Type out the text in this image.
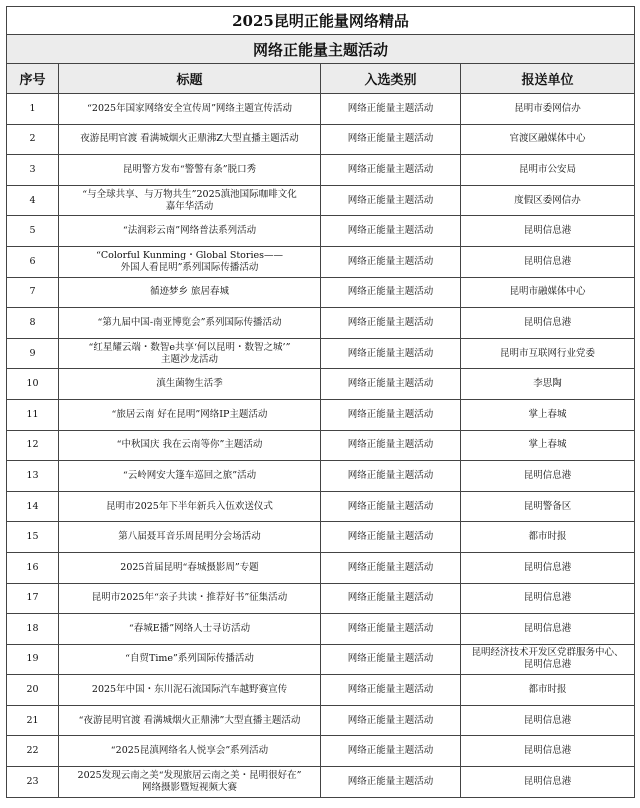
2025昆明正能量网络精品			
网络正能量主题活动			
序号	标题	入选类别	报送单位
1	“2025年国家网络安全宣传周”网络主题宣传活动	网络正能量主题活动	昆明市委网信办
2	夜游昆明官渡 看满城烟火正鼎沸Z大型直播主题活动	网络正能量主题活动	官渡区融媒体中心
3	昆明警方发布“警警有条”脱口秀	网络正能量主题活动	昆明市公安局
4	“与全球共享、与万物共生”2025滇池国际咖啡文化
嘉年华活动	网络正能量主题活动	度假区委网信办
5	“法润彩云南”网络普法系列活动	网络正能量主题活动	昆明信息港
6	“Colorful Kunming・Global Stories——
外国人看昆明”系列国际传播活动	网络正能量主题活动	昆明信息港
7	循迹梦乡 旅居春城	网络正能量主题活动	昆明市融媒体中心
8	“第九届中国-南亚博览会”系列国际传播活动	网络正能量主题活动	昆明信息港
9	“红星耀云端・数智e共享‘何以昆明・数智之城’”
主题沙龙活动	网络正能量主题活动	昆明市互联网行业党委
10	滇生菌物生活季	网络正能量主题活动	李思陶
11	“旅居云南 好在昆明”网络IP主题活动	网络正能量主题活动	掌上春城
12	“中秋国庆 我在云南等你”主题活动	网络正能量主题活动	掌上春城
13	“云岭网安大篷车巡回之旅”活动	网络正能量主题活动	昆明信息港
14	昆明市2025年下半年新兵入伍欢送仪式	网络正能量主题活动	昆明警备区
15	第八届聂耳音乐周昆明分会场活动	网络正能量主题活动	都市时报
16	2025首届昆明“春城摄影周”专题	网络正能量主题活动	昆明信息港
17	昆明市2025年“亲子共读・推荐好书”征集活动	网络正能量主题活动	昆明信息港
18	“春城E播”网络人士寻访活动	网络正能量主题活动	昆明信息港
19	“自贸Time”系列国际传播活动	网络正能量主题活动	昆明经济技术开发区党群服务中心、
昆明信息港
20	2025年中国・东川泥石流国际汽车越野赛宣传	网络正能量主题活动	都市时报
21	“夜游昆明官渡 看满城烟火正鼎沸”大型直播主题活动	网络正能量主题活动	昆明信息港
22	“2025昆滇网络名人悦享会”系列活动	网络正能量主题活动	昆明信息港
23	2025发现云南之美“发现旅居云南之美・昆明很好在”
网络摄影暨短视频大赛	网络正能量主题活动	昆明信息港
